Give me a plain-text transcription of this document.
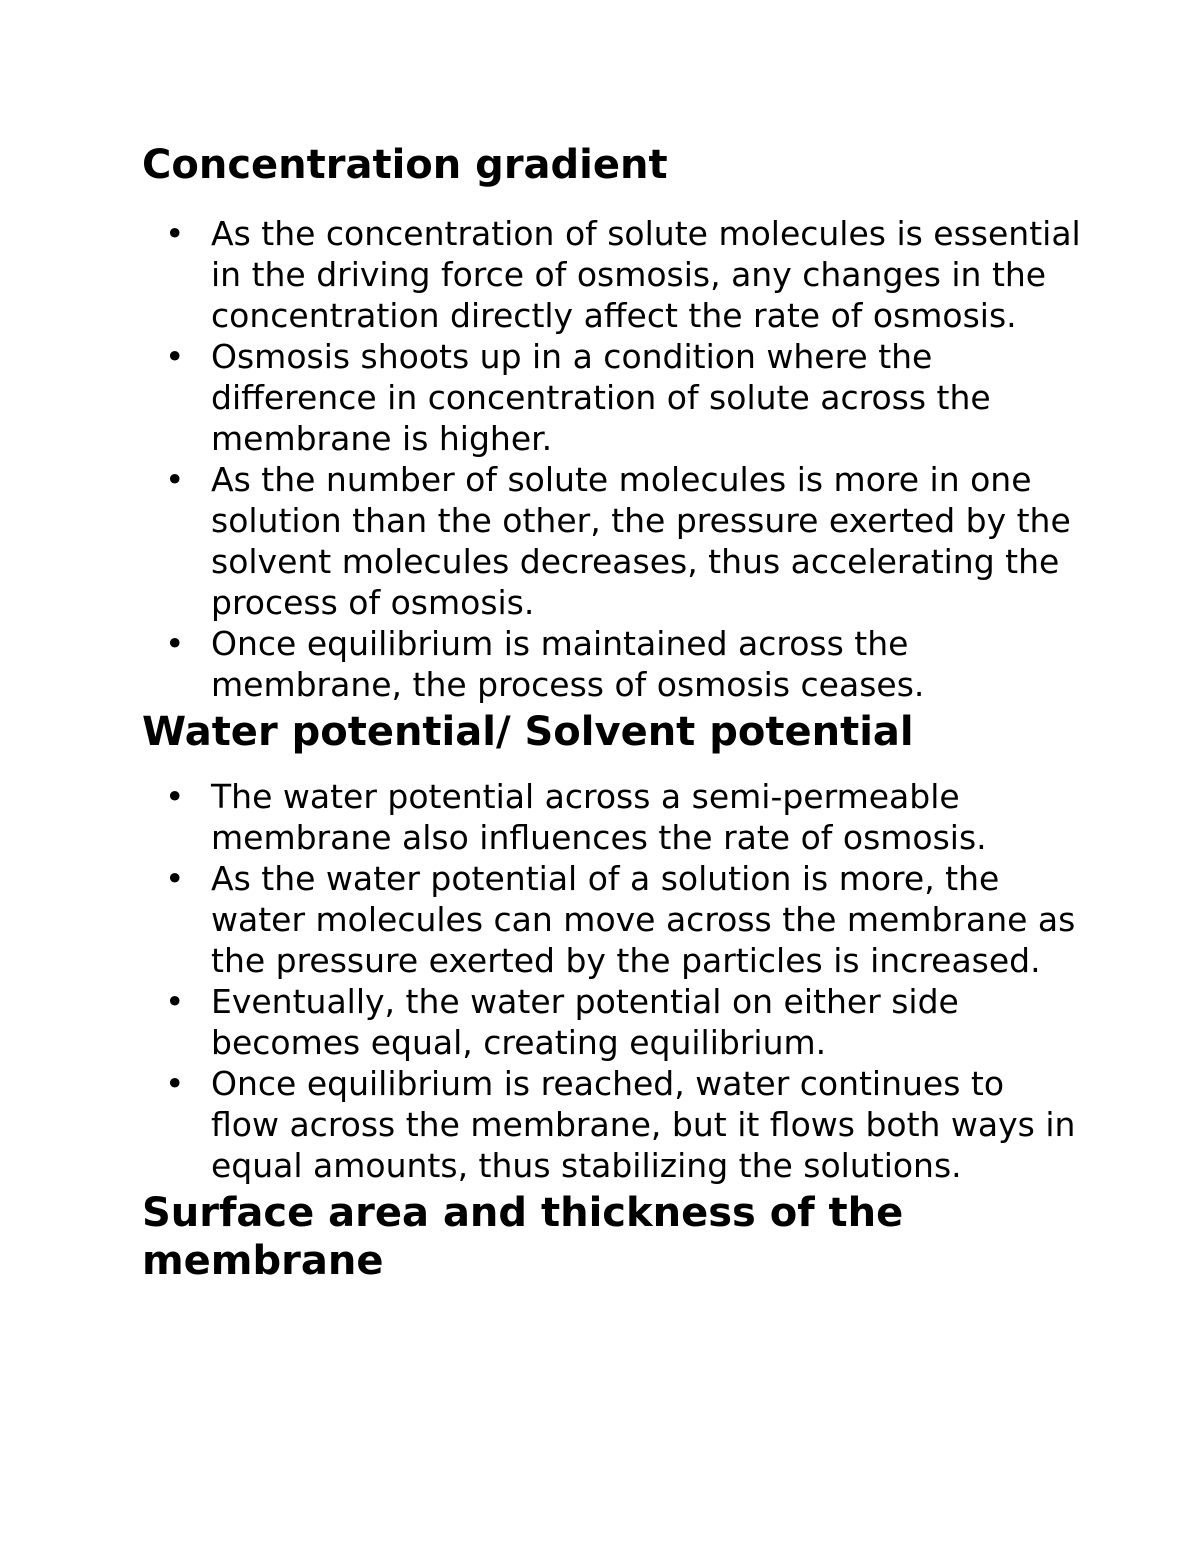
Concentration gradient
• As the concentration of solute molecules is essential in the driving force of osmosis, any changes in the concentration directly affect the rate of osmosis.
• Osmosis shoots up in a condition where the difference in concentration of solute across the membrane is higher.
• As the number of solute molecules is more in one solution than the other, the pressure exerted by the solvent molecules decreases, thus accelerating the process of osmosis.
• Once equilibrium is maintained across the membrane, the process of osmosis ceases.
Water potential/ Solvent potential
• The water potential across a semi-permeable membrane also influences the rate of osmosis.
• As the water potential of a solution is more, the water molecules can move across the membrane as the pressure exerted by the particles is increased.
• Eventually, the water potential on either side becomes equal, creating equilibrium.
• Once equilibrium is reached, water continues to flow across the membrane, but it flows both ways in equal amounts, thus stabilizing the solutions.
Surface area and thickness of the membrane
